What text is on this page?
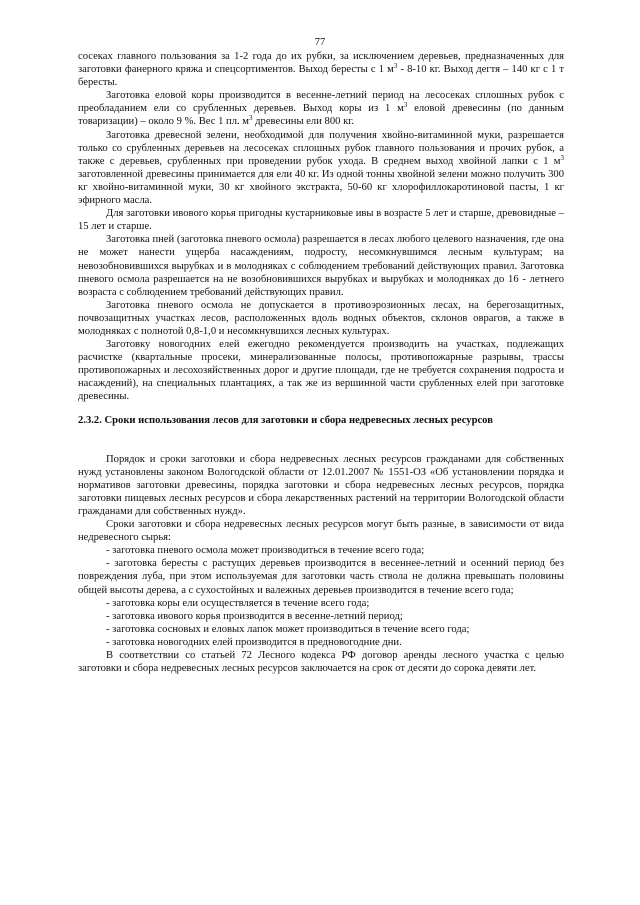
77

сосеках главного пользования за 1-2 года до их рубки, за исключением деревьев, предназначенных для заготовки фанерного кряжа и спецсортиментов. Выход бересты с 1 $м^3 - 8-10$ кг. Выход дегтя – 140 кг с 1 т бересты.

Заготовка еловой коры производится в весенне-летний период на лесосеках сплошных рубок с преобладанием ели со срубленных деревьев. Выход коры из 1 $м^3$ еловой древесины (по данным товаризации) – около 9 %. Вес 1 пл. $м^3$ древесины ели 800 кг.

Заготовка древесной зелени, необходимой для получения хвойно-витаминной муки, разрешается только со срубленных деревьев на лесосеках сплошных рубок главного пользования и прочих рубок, а также с деревьев, срубленных при проведении рубок ухода. В среднем выход хвойной лапки с 1 $м^3$ заготовленной древесины принимается для ели 40 кг. Из одной тонны хвойной зелени можно получить 300 кг хвойно-витаминной муки, 30 кг хвойного экстракта, 50-60 кг хлорофиллокаротиновой пасты, 1 кг эфирного масла.

Для заготовки ивового корья пригодны кустарниковые ивы в возрасте 5 лет и старше, древовидные – 15 лет и старше.

Заготовка пней (заготовка пневого осмола) разрешается в лесах любого целевого назначения, где она не может нанести ущерба насаждениям, подросту, несомкнувшимся лесным культурам; на невозобновившихся вырубках и в молодняках с соблюдением требований действующих правил. Заготовка пневого осмола разрешается на не возобновившихся вырубках и вырубках и молодняках до 16 - летнего возраста с соблюдением требований действующих правил.

Заготовка пневого осмола не допускается в противоэрозионных лесах, на берегозащитных, почвозащитных участках лесов, расположенных вдоль водных объектов, склонов оврагов, а также в молодняках с полнотой 0,8-1,0 и несомкнувшихся лесных культурах.

Заготовку новогодних елей ежегодно рекомендуется производить на участках, подлежащих расчистке (квартальные просеки, минерализованные полосы, противопожарные разрывы, трассы противопожарных и лесохозяйственных дорог и другие площади, где не требуется сохранения подроста и насаждений), на специальных плантациях, а так же из вершинной части срубленных елей при заготовке древесины.

2.3.2. Сроки использования лесов для заготовки и сбора недревесных лесных ресурсов

Порядок и сроки заготовки и сбора недревесных лесных ресурсов гражданами для собственных нужд установлены законом Вологодской области от 12.01.2007 № 1551-ОЗ «Об установлении порядка и нормативов заготовки древесины, порядка заготовки и сбора недревесных лесных ресурсов, порядка заготовки пищевых лесных ресурсов и сбора лекарственных растений на территории Вологодской области гражданами для собственных нужд».

Сроки заготовки и сбора недревесных лесных ресурсов могут быть разные, в зависимости от вида недревесного сырья:

- заготовка пневого осмола может производиться в течение всего года;

- заготовка бересты с растущих деревьев производится в весеннее-летний и осенний период без повреждения луба, при этом используемая для заготовки часть ствола не должна превышать половины общей высоты дерева, а с сухостойных и валежных деревьев производится в течение всего года;

- заготовка коры ели осуществляется в течение всего года;

- заготовка ивового корья производится в весенне-летний период;

- заготовка сосновых и еловых лапок может производиться в течение всего года;

- заготовка новогодних елей производится в предновогодние дни.

В соответствии со статьей 72 Лесного кодекса РФ договор аренды лесного участка с целью заготовки и сбора недревесных лесных ресурсов заключается на срок от десяти до сорока девяти лет.
